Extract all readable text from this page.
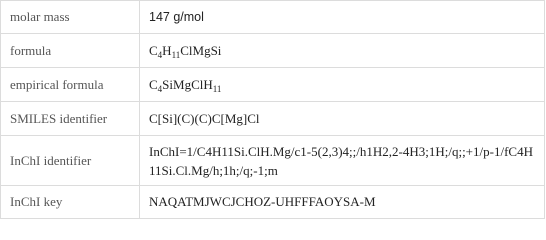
molar mass	147 g/mol
formula	$C_4H_{11}ClMgSi$
empirical formula	$C_4SiMgClH_{11}$
SMILES identifier	C[Si](C)(C)C[Mg]Cl
InChI identifier	InChI=1/C4H11Si.ClH.Mg/c1-5(2,3)4;;/h1H2,2-4H3;1H;/q;;+1/p-1/fC4H11Si.Cl.Mg/h;1h;/q;-1;m
InChI key	NAQATMJWCJCHOZ-UHFFFAOYSA-M
